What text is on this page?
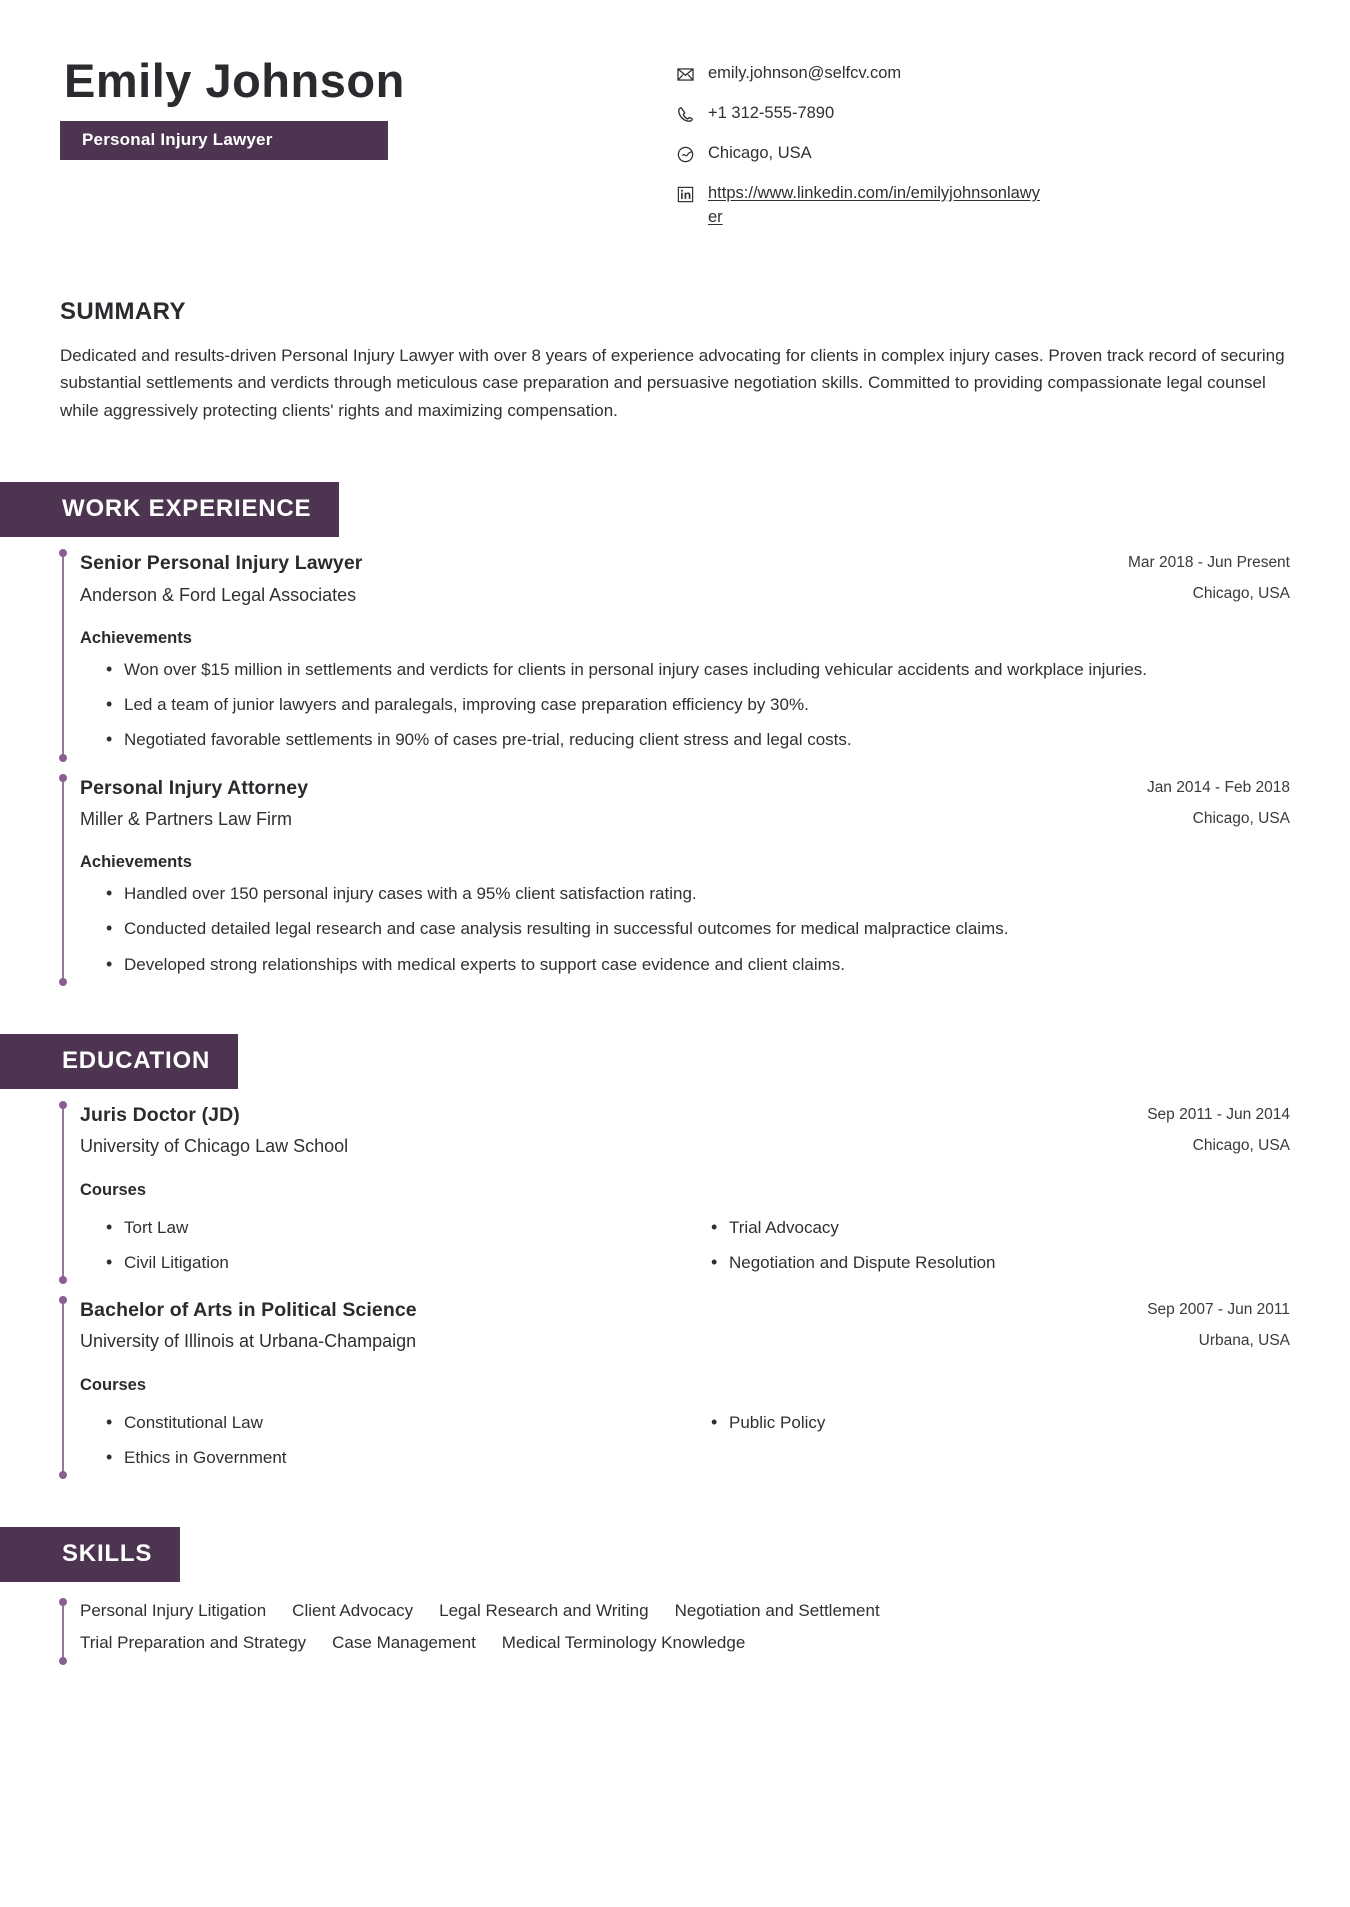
Emily Johnson
Personal Injury Lawyer
emily.johnson@selfcv.com
+1 312-555-7890
Chicago, USA
https://www.linkedin.com/in/emilyjohnsonlawyer
SUMMARY
Dedicated and results-driven Personal Injury Lawyer with over 8 years of experience advocating for clients in complex injury cases. Proven track record of securing substantial settlements and verdicts through meticulous case preparation and persuasive negotiation skills. Committed to providing compassionate legal counsel while aggressively protecting clients' rights and maximizing compensation.
WORK EXPERIENCE
Senior Personal Injury Lawyer
Anderson & Ford Legal Associates
Mar 2018 - Jun Present
Chicago, USA
Achievements
• Won over $15 million in settlements and verdicts for clients in personal injury cases including vehicular accidents and workplace injuries.
• Led a team of junior lawyers and paralegals, improving case preparation efficiency by 30%.
• Negotiated favorable settlements in 90% of cases pre-trial, reducing client stress and legal costs.
Personal Injury Attorney
Miller & Partners Law Firm
Jan 2014 - Feb 2018
Chicago, USA
Achievements
• Handled over 150 personal injury cases with a 95% client satisfaction rating.
• Conducted detailed legal research and case analysis resulting in successful outcomes for medical malpractice claims.
• Developed strong relationships with medical experts to support case evidence and client claims.
EDUCATION
Juris Doctor (JD)
University of Chicago Law School
Sep 2011 - Jun 2014
Chicago, USA
Courses
• Tort Law	• Trial Advocacy
• Civil Litigation	• Negotiation and Dispute Resolution
Bachelor of Arts in Political Science
University of Illinois at Urbana-Champaign
Sep 2007 - Jun 2011
Urbana, USA
Courses
• Constitutional Law	• Public Policy
• Ethics in Government
SKILLS
Personal Injury Litigation Client Advocacy Legal Research and Writing Negotiation and Settlement
Trial Preparation and Strategy Case Management Medical Terminology Knowledge
